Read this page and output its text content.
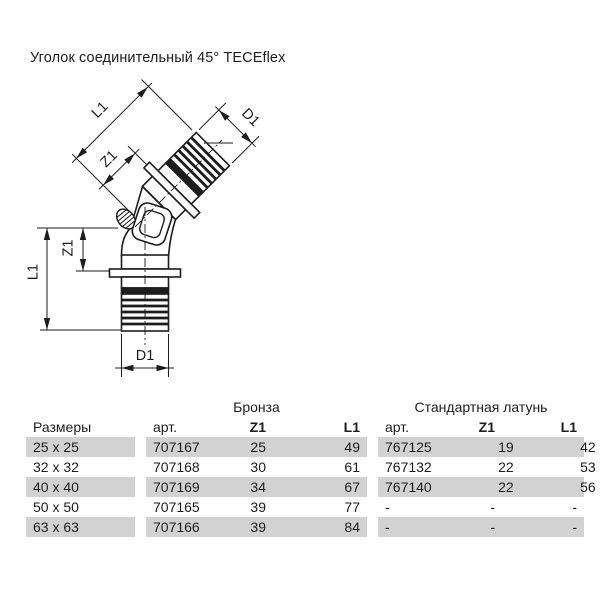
Уголок соединительный 45° TECEflex
L1
Z1
L1
Z1
D1
D1
Бронза	Стандартная латунь
Размеры	арт.	Z1	L1 арт.	Z1	L1
25 x 25	707167	25	49 767125	19	42
32 x 32	707168	30	61 767132	22	53
40 x 40	707169	34	67 767140	22	56
50 x 50	707165	39	77 -	-	-
63 x 63	707166	39	84 -	-	-
